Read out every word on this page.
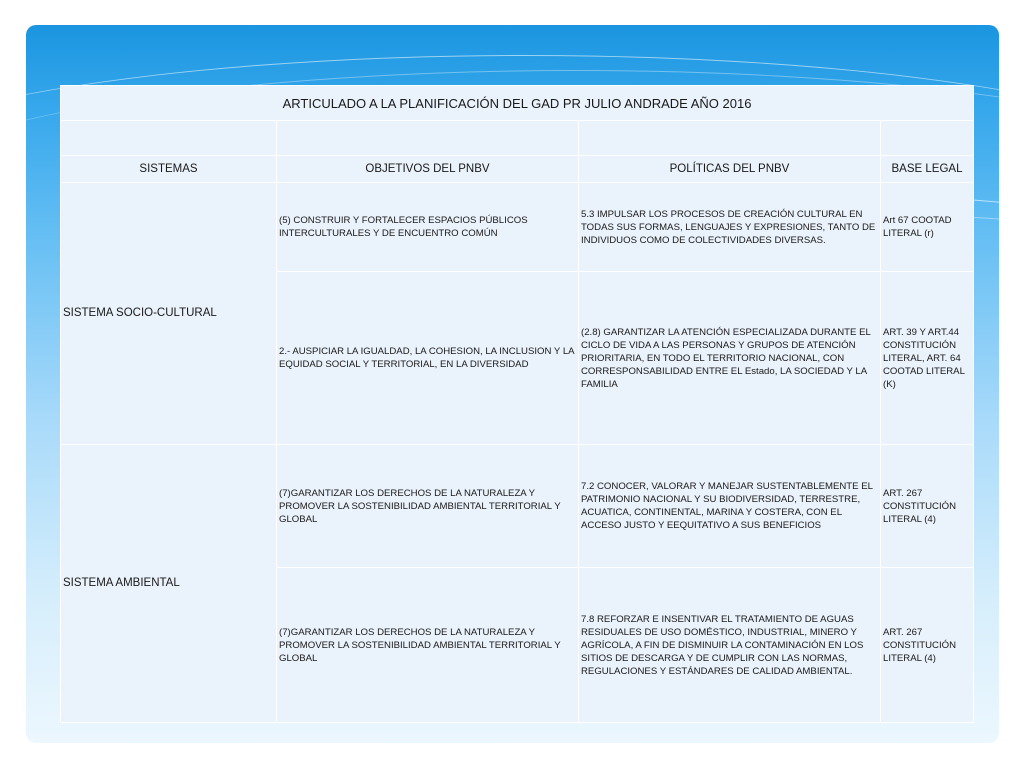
ARTICULADO A LA PLANIFICACIÓN DEL GAD PR JULIO ANDRADE AÑO 2016			

SISTEMAS	OBJETIVOS DEL PNBV	POLÍTICAS DEL PNBV	BASE LEGAL
SISTEMA SOCIO-CULTURAL	(5) CONSTRUIR Y FORTALECER ESPACIOS PÚBLICOS INTERCULTURALES Y DE ENCUENTRO COMÚN	5.3 IMPULSAR LOS PROCESOS DE CREACIÓN CULTURAL EN TODAS SUS FORMAS, LENGUAJES Y EXPRESIONES, TANTO DE INDIVIDUOS COMO DE COLECTIVIDADES DIVERSAS.	Art 67 COOTAD LITERAL (r)
	2.- AUSPICIAR LA IGUALDAD, LA COHESION, LA INCLUSION Y LA EQUIDAD SOCIAL Y TERRITORIAL, EN LA DIVERSIDAD	(2.8) GARANTIZAR LA ATENCIÓN ESPECIALIZADA DURANTE EL CICLO DE VIDA A LAS PERSONAS Y GRUPOS DE ATENCIÓN PRIORITARIA, EN TODO EL TERRITORIO NACIONAL, CON CORRESPONSABILIDAD ENTRE EL Estado, LA SOCIEDAD Y LA FAMILIA	ART. 39 Y ART.44 CONSTITUCIÓN LITERAL, ART. 64 COOTAD LITERAL (K)
SISTEMA AMBIENTAL	(7)GARANTIZAR LOS DERECHOS DE LA NATURALEZA Y PROMOVER LA SOSTENIBILIDAD AMBIENTAL TERRITORIAL Y GLOBAL	7.2 CONOCER, VALORAR Y MANEJAR SUSTENTABLEMENTE EL PATRIMONIO NACIONAL Y SU BIODIVERSIDAD, TERRESTRE, ACUATICA, CONTINENTAL, MARINA Y COSTERA, CON EL ACCESO JUSTO Y EEQUITATIVO A SUS BENEFICIOS	ART. 267 CONSTITUCIÓN LITERAL (4)
	(7)GARANTIZAR LOS DERECHOS DE LA NATURALEZA Y PROMOVER LA SOSTENIBILIDAD AMBIENTAL TERRITORIAL Y GLOBAL	7.8 REFORZAR E INSENTIVAR EL TRATAMIENTO DE AGUAS RESIDUALES DE USO DOMÉSTICO, INDUSTRIAL, MINERO Y AGRÍCOLA, A FIN DE DISMINUIR LA CONTAMINACIÓN EN LOS SITIOS DE DESCARGA Y DE CUMPLIR CON LAS NORMAS, REGULACIONES Y ESTÁNDARES DE CALIDAD AMBIENTAL.	ART. 267 CONSTITUCIÓN LITERAL (4)
